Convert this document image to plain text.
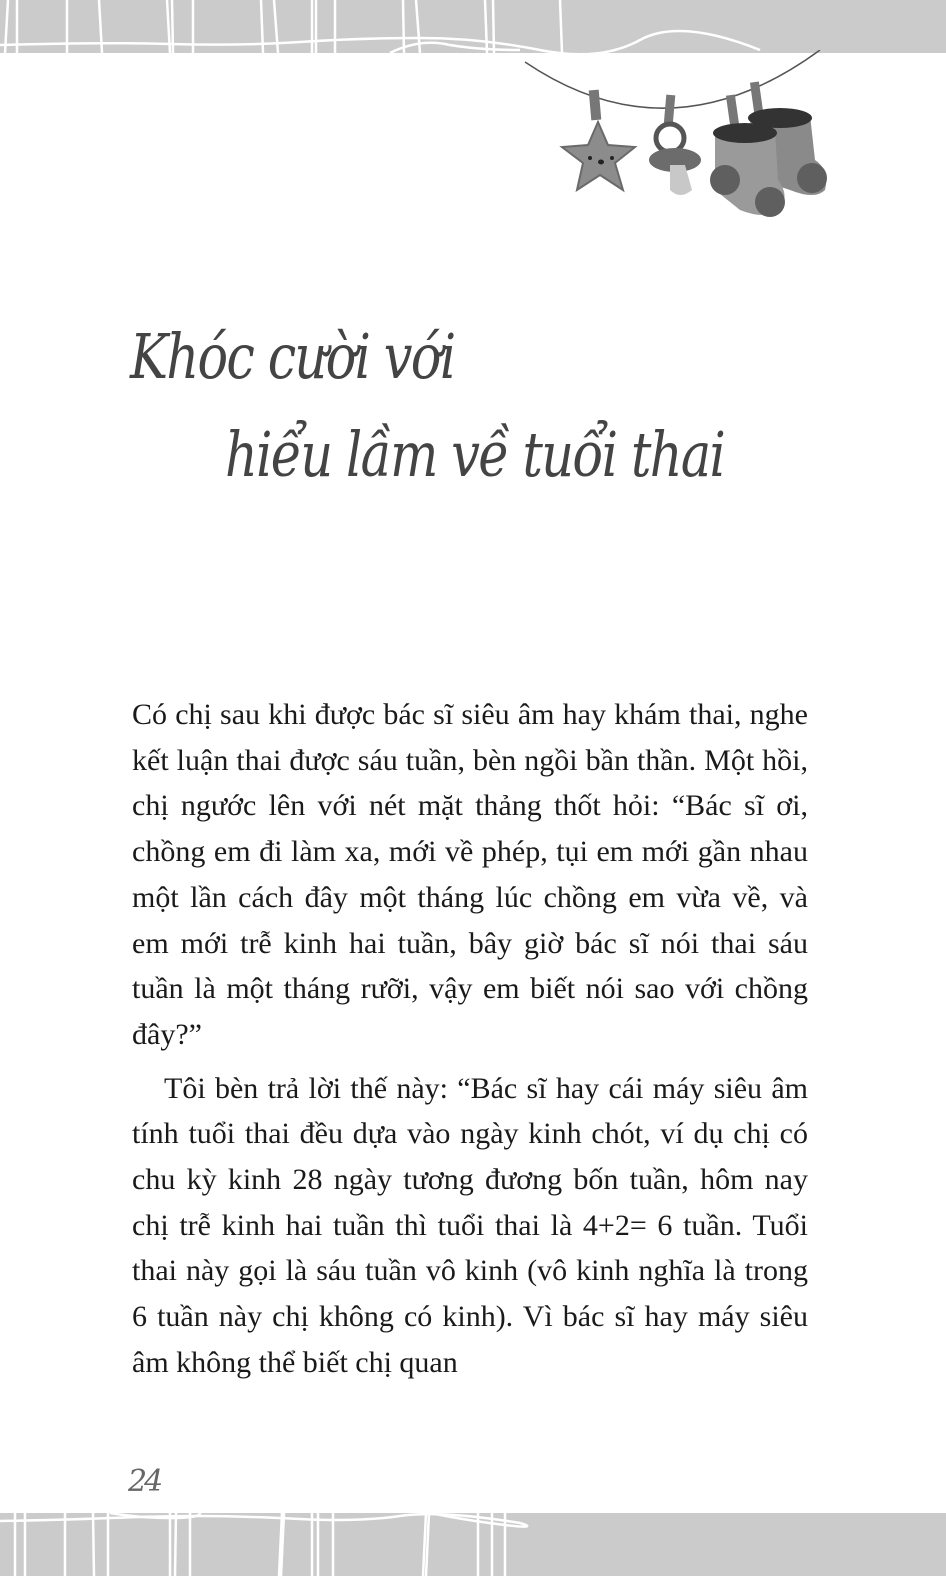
Khóc cười với
hiểu lầm về tuổi thai

Có chị sau khi được bác sĩ siêu âm hay khám thai, nghe kết luận thai được sáu tuần, bèn ngồi bần thần. Một hồi, chị ngước lên với nét mặt thảng thốt hỏi: “Bác sĩ ơi, chồng em đi làm xa, mới về phép, tụi em mới gần nhau một lần cách đây một tháng lúc chồng em vừa về, và em mới trễ kinh hai tuần, bây giờ bác sĩ nói thai sáu tuần là một tháng rưỡi, vậy em biết nói sao với chồng đây?”

Tôi bèn trả lời thế này: “Bác sĩ hay cái máy siêu âm tính tuổi thai đều dựa vào ngày kinh chót, ví dụ chị có chu kỳ kinh 28 ngày tương đương bốn tuần, hôm nay chị trễ kinh hai tuần thì tuổi thai là 4+2= 6 tuần. Tuổi thai này gọi là sáu tuần vô kinh (vô kinh nghĩa là trong 6 tuần này chị không có kinh). Vì bác sĩ hay máy siêu âm không thể biết chị quan

24
